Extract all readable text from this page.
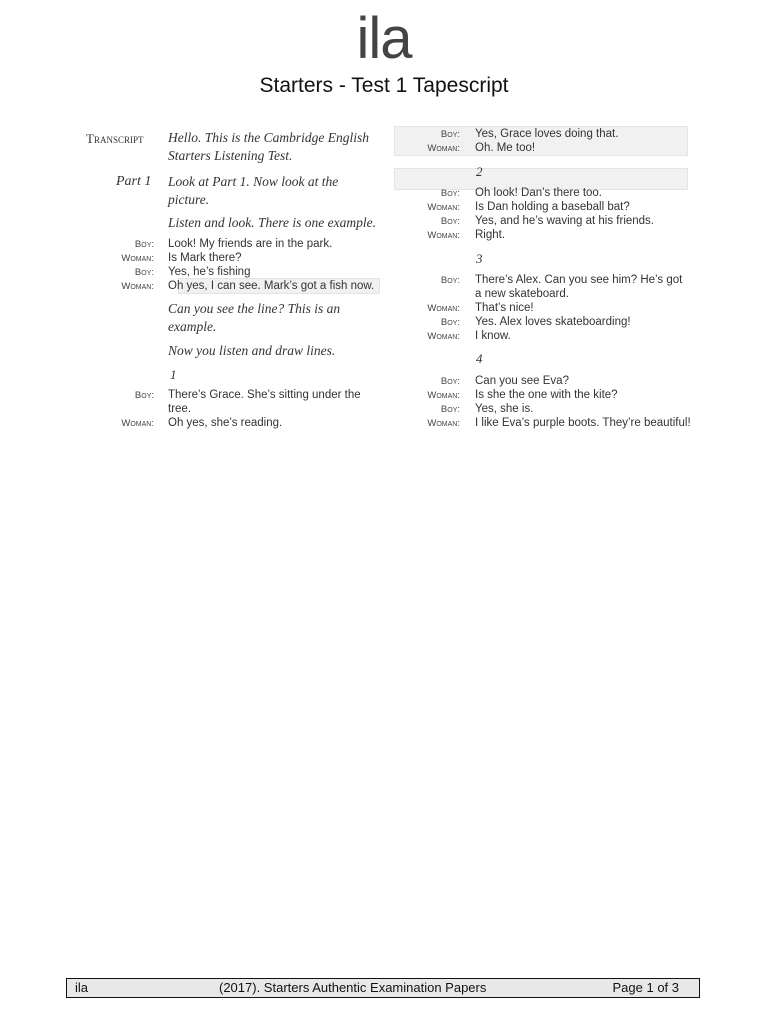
ila
Starters - Test 1 Tapescript
Transcript Hello. This is the Cambridge English
Starters Listening Test.
Part 1 Look at Part 1. Now look at the
picture.
Listen and look. There is one example.
Boy: Look! My friends are in the park.
Woman: Is Mark there?
Boy: Yes, he’s fishing
Woman: Oh yes, I can see. Mark’s got a fish now.
Can you see the line? This is an
example.
Now you listen and draw lines.
1
Boy: There’s Grace. She’s sitting under the
tree.
Woman: Oh yes, she’s reading.
Boy: Yes, Grace loves doing that.
Woman: Oh. Me too!
2
Boy: Oh look! Dan’s there too.
Woman: Is Dan holding a baseball bat?
Boy: Yes, and he’s waving at his friends.
Woman: Right.
3
Boy: There’s Alex. Can you see him? He’s got
a new skateboard.
Woman: That’s nice!
Boy: Yes. Alex loves skateboarding!
Woman: I know.
4
Boy: Can you see Eva?
Woman: Is she the one with the kite?
Boy: Yes, she is.
Woman: I like Eva’s purple boots. They’re beautiful!
ila	(2017). Starters Authentic Examination Papers	Page 1 of 3
